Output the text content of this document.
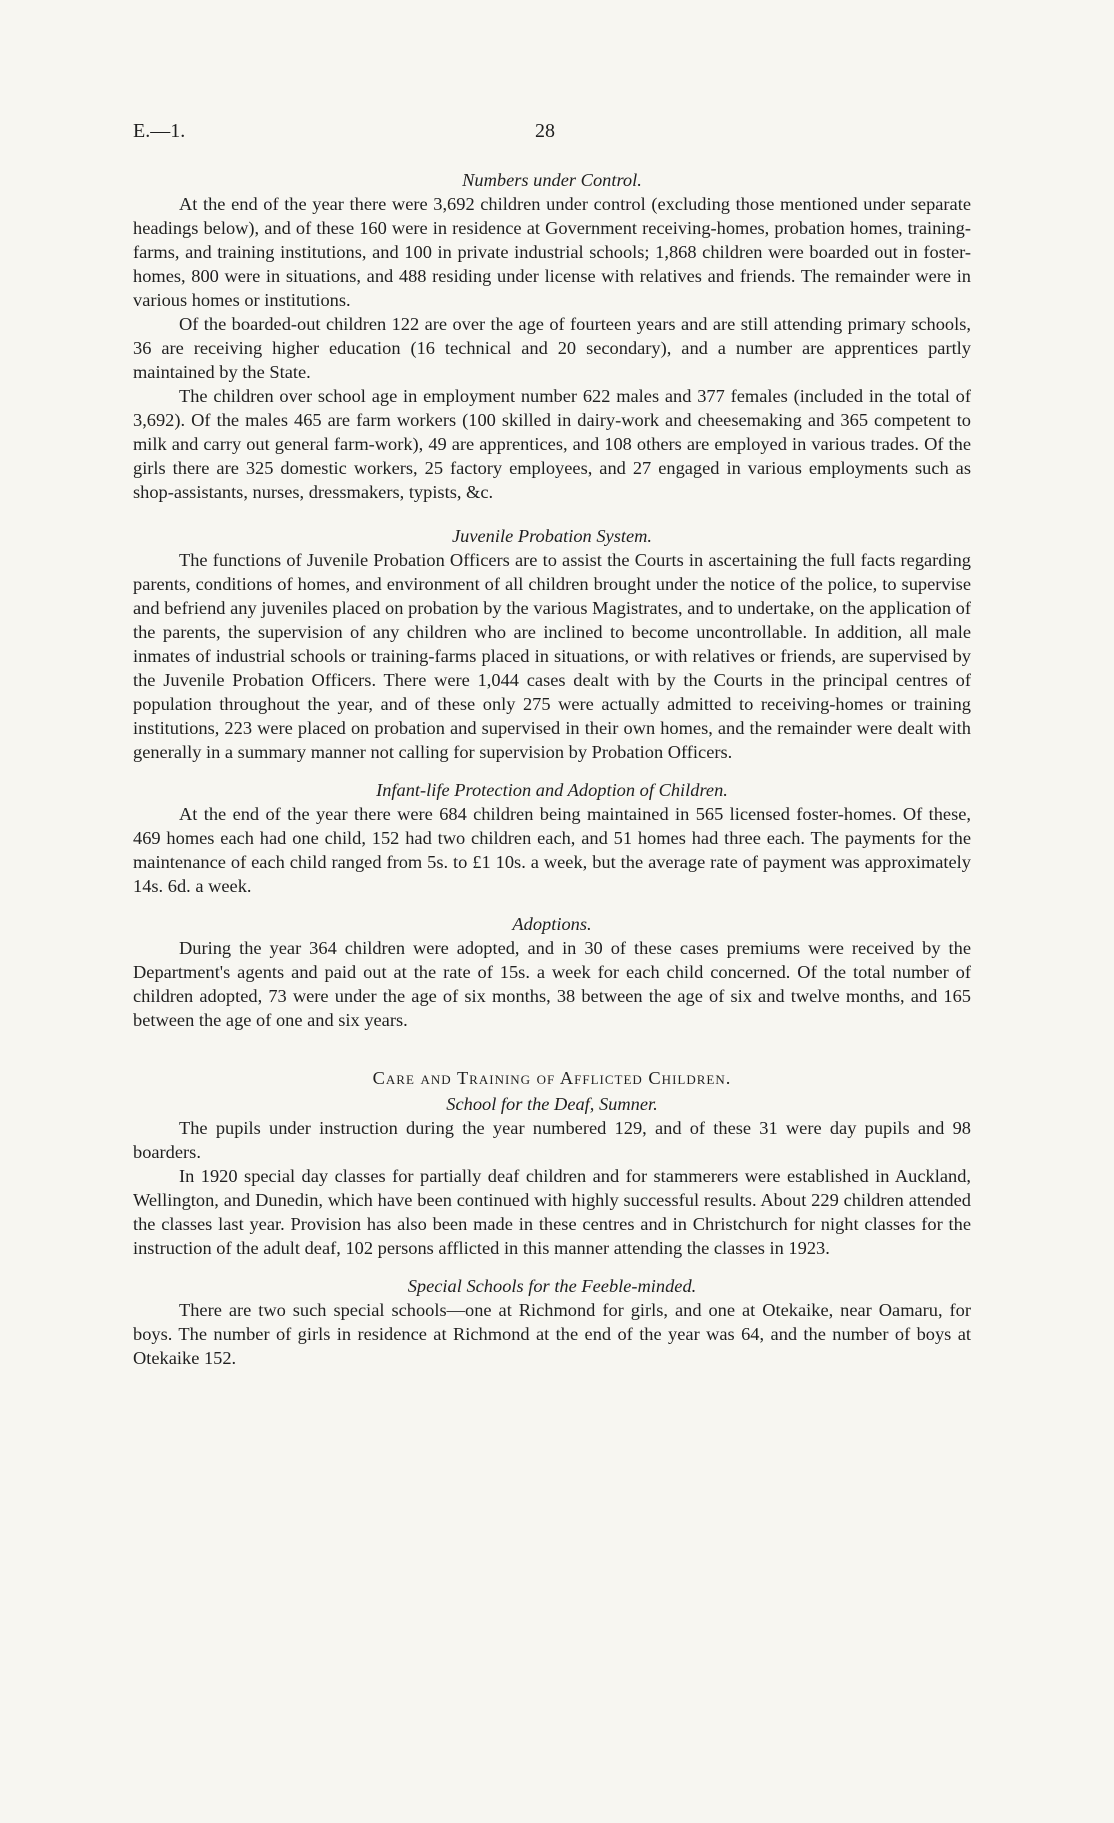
E.—1.	28
Numbers under Control.

At the end of the year there were 3,692 children under control (excluding those mentioned under separate headings below), and of these 160 were in residence at Government receiving-homes, probation homes, training-farms, and training institutions, and 100 in private industrial schools; 1,868 children were boarded out in foster-homes, 800 were in situations, and 488 residing under license with relatives and friends. The remainder were in various homes or institutions.

Of the boarded-out children 122 are over the age of fourteen years and are still attending primary schools, 36 are receiving higher education (16 technical and 20 secondary), and a number are apprentices partly maintained by the State.

The children over school age in employment number 622 males and 377 females (included in the total of 3,692). Of the males 465 are farm workers (100 skilled in dairy-work and cheesemaking and 365 competent to milk and carry out general farm-work), 49 are apprentices, and 108 others are employed in various trades. Of the girls there are 325 domestic workers, 25 factory employees, and 27 engaged in various employments such as shop-assistants, nurses, dressmakers, typists, &c.

Juvenile Probation System.

The functions of Juvenile Probation Officers are to assist the Courts in ascertaining the full facts regarding parents, conditions of homes, and environment of all children brought under the notice of the police, to supervise and befriend any juveniles placed on probation by the various Magistrates, and to undertake, on the application of the parents, the supervision of any children who are inclined to become uncontrollable. In addition, all male inmates of industrial schools or training-farms placed in situations, or with relatives or friends, are supervised by the Juvenile Probation Officers. There were 1,044 cases dealt with by the Courts in the principal centres of population throughout the year, and of these only 275 were actually admitted to receiving-homes or training institutions, 223 were placed on probation and supervised in their own homes, and the remainder were dealt with generally in a summary manner not calling for supervision by Probation Officers.

Infant-life Protection and Adoption of Children.

At the end of the year there were 684 children being maintained in 565 licensed foster-homes. Of these, 469 homes each had one child, 152 had two children each, and 51 homes had three each. The payments for the maintenance of each child ranged from 5s. to £1 10s. a week, but the average rate of payment was approximately 14s. 6d. a week.

Adoptions.

During the year 364 children were adopted, and in 30 of these cases premiums were received by the Department's agents and paid out at the rate of 15s. a week for each child concerned. Of the total number of children adopted, 73 were under the age of six months, 38 between the age of six and twelve months, and 165 between the age of one and six years.

Care and Training of Afflicted Children.
School for the Deaf, Sumner.

The pupils under instruction during the year numbered 129, and of these 31 were day pupils and 98 boarders.

In 1920 special day classes for partially deaf children and for stammerers were established in Auckland, Wellington, and Dunedin, which have been continued with highly successful results. About 229 children attended the classes last year. Provision has also been made in these centres and in Christchurch for night classes for the instruction of the adult deaf, 102 persons afflicted in this manner attending the classes in 1923.

Special Schools for the Feeble-minded.

There are two such special schools—one at Richmond for girls, and one at Otekaike, near Oamaru, for boys. The number of girls in residence at Richmond at the end of the year was 64, and the number of boys at Otekaike 152.
